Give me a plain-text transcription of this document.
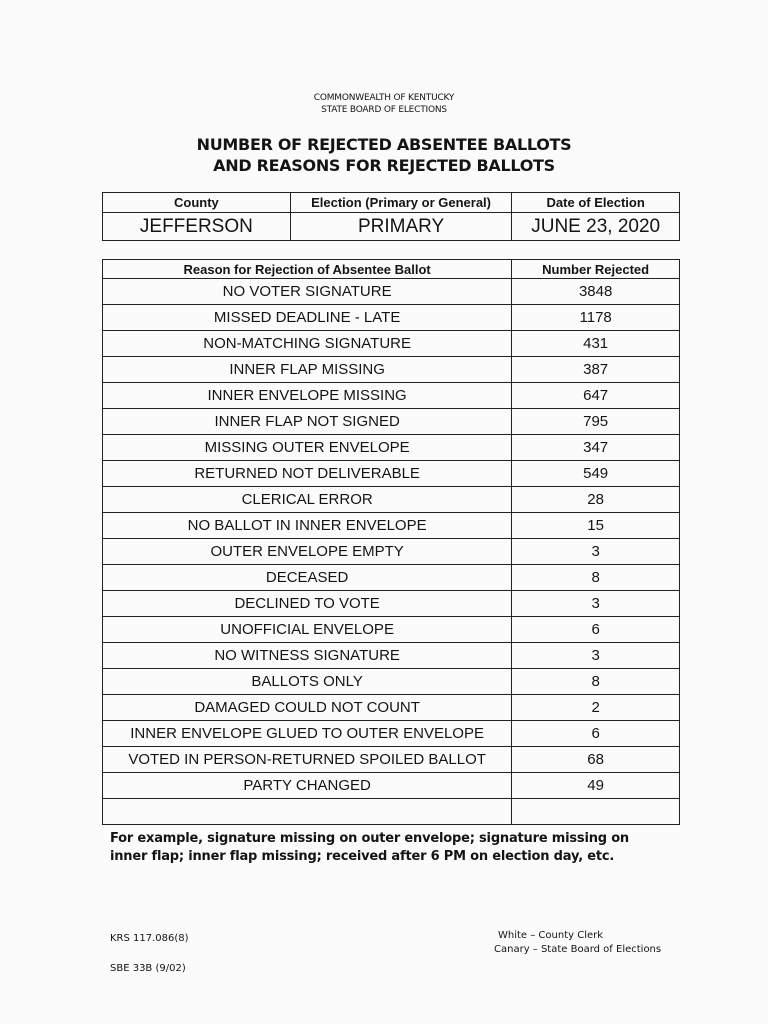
COMMONWEALTH OF KENTUCKY
STATE BOARD OF ELECTIONS
NUMBER OF REJECTED ABSENTEE BALLOTS
AND REASONS FOR REJECTED BALLOTS
County	Election (Primary or General)	Date of Election
JEFFERSON	PRIMARY	JUNE 23, 2020
Reason for Rejection of Absentee Ballot	Number Rejected
NO VOTER SIGNATURE	3848
MISSED DEADLINE - LATE	1178
NON-MATCHING SIGNATURE	431
INNER FLAP MISSING	387
INNER ENVELOPE MISSING	647
INNER FLAP NOT SIGNED	795
MISSING OUTER ENVELOPE	347
RETURNED NOT DELIVERABLE	549
CLERICAL ERROR	28
NO BALLOT IN INNER ENVELOPE	15
OUTER ENVELOPE EMPTY	3
DECEASED	8
DECLINED TO VOTE	3
UNOFFICIAL ENVELOPE	6
NO WITNESS SIGNATURE	3
BALLOTS ONLY	8
DAMAGED COULD NOT COUNT	2
INNER ENVELOPE GLUED TO OUTER ENVELOPE	6
VOTED IN PERSON-RETURNED SPOILED BALLOT	68
PARTY CHANGED	49

For example, signature missing on outer envelope; signature missing on
inner flap; inner flap missing; received after 6 PM on election day, etc.
KRS 117.086(8)
SBE 33B (9/02)
White – County Clerk
Canary – State Board of Elections
